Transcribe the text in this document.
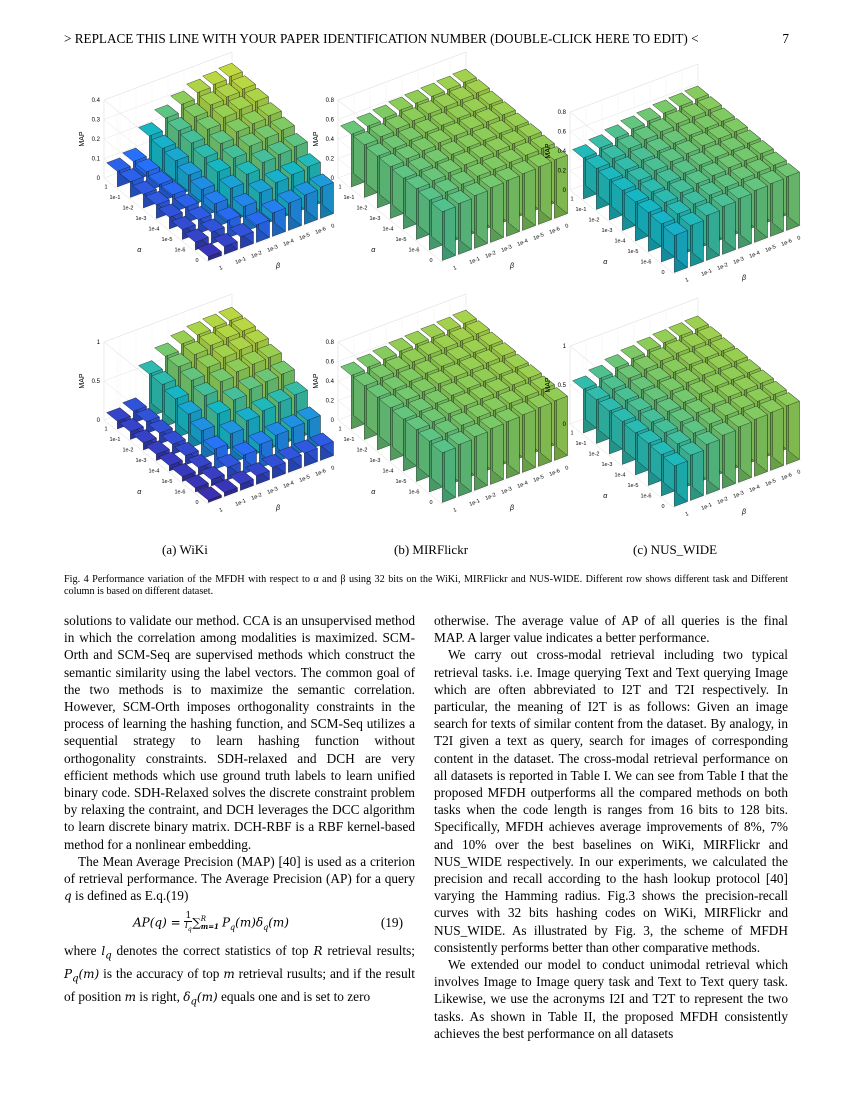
> REPLACE THIS LINE WITH YOUR PAPER IDENTIFICATION NUMBER (DOUBLE-CLICK HERE TO EDIT) <	7
0
0.1
0.2
0.3
0.4
MAP
1
1e-1
1e-2
1e-3
1e-4
1e-5
1e-6
0
α
1
1e-1
1e-2
1e-3
1e-4
1e-5
1e-6 0
β
0
0.2
0.4
0.6
0.8
MAP
1
1e-1
1e-2
1e-3
1e-4
1e-5
1e-6
0
α
1
1e-1
1e-2
1e-3
1e-4
1e-5
1e-6 0
β
0
0.2
0.4
0.6
0.8
MAP
1
1e-1
1e-2
1e-3
1e-4
1e-5
1e-6
0
α
1
1e-1
1e-2
1e-3
1e-4
1e-5
1e-6 0
β
0
0.5
1
MAP
1
1e-1
1e-2
1e-3
1e-4
1e-5
1e-6
0
α
1
1e-1
1e-2
1e-3
1e-4
1e-5
1e-6 0
β
0
0.2
0.4
0.6
0.8
MAP
1
1e-1
1e-2
1e-3
1e-4
1e-5
1e-6
0
α
1
1e-1
1e-2
1e-3
1e-4
1e-5
1e-6 0
β
0
0.5
1
MAP
1
1e-1
1e-2
1e-3
1e-4
1e-5
1e-6
0
α
1
1e-1
1e-2
1e-3
1e-4
1e-5
1e-6 0
β
(a) WiKi	(b) MIRFlickr	(c) NUS_WIDE
Fig. 4 Performance variation of the MFDH with respect to α and β using 32 bits on the WiKi, MIRFlickr and NUS-WIDE. Different row shows different task and Different column is based on different dataset.

solutions to validate our method. CCA is an unsupervised method in which the correlation among modalities is maximized. SCM-Orth and SCM-Seq are supervised methods which construct the semantic similarity using the label vectors. The common goal of the two methods is to maximize the semantic correlation. However, SCM-Orth imposes orthogonality constraints in the process of learning the hashing function, and SCM-Seq utilizes a sequential strategy to learn hashing function without orthogonality constraints. SDH-relaxed and DCH are very efficient methods which use ground truth labels to learn unified binary code. SDH-Relaxed solves the discrete constraint problem by relaxing the contraint, and DCH leverages the DCC algorithm to learn discrete binary matrix. DCH-RBF is a RBF kernel-based method for a nonlinear embedding.

The Mean Average Precision (MAP) [40] is used as a criterion of retrieval performance. The Average Precision (AP) for a query q is defined as E.q.(19)

$AP(q) = \frac{1}{l_q}$ ∑ R
m=1 $P_q(m)\delta_q(m)$	(19)

where $l_q$ denotes the correct statistics of top R retrieval results; $P_q(m)$ is the accuracy of top m retrieval rusults; and if the result of position m is right, $\delta_q(m)$ equals one and is set to zero

otherwise. The average value of AP of all queries is the final MAP. A larger value indicates a better performance.

We carry out cross-modal retrieval including two typical retrieval tasks. i.e. Image querying Text and Text querying Image which are often abbreviated to I2T and T2I respectively. In particular, the meaning of I2T is as follows: Given an image search for texts of similar content from the dataset. By analogy, in T2I given a text as query, search for images of corresponding content in the dataset. The cross-modal retrieval performance on all datasets is reported in Table I. We can see from Table I that the proposed MFDH outperforms all the compared methods on both tasks when the code length is ranges from 16 bits to 128 bits. Specifically, MFDH achieves average improvements of 8%, 7% and 10% over the best baselines on WiKi, MIRFlickr and NUS_WIDE respectively. In our experiments, we calculated the precision and recall according to the hash lookup protocol [40] varying the Hamming radius. Fig.3 shows the precision-recall curves with 32 bits hashing codes on WiKi, MIRFlickr and NUS_WIDE. As illustrated by Fig. 3, the scheme of MFDH consistently performs better than other comparative methods.

We extended our model to conduct unimodal retrieval which involves Image to Image query task and Text to Text query task. Likewise, we use the acronyms I2I and T2T to represent the two tasks. As shown in Table II, the proposed MFDH consistently achieves the best performance on all datasets
